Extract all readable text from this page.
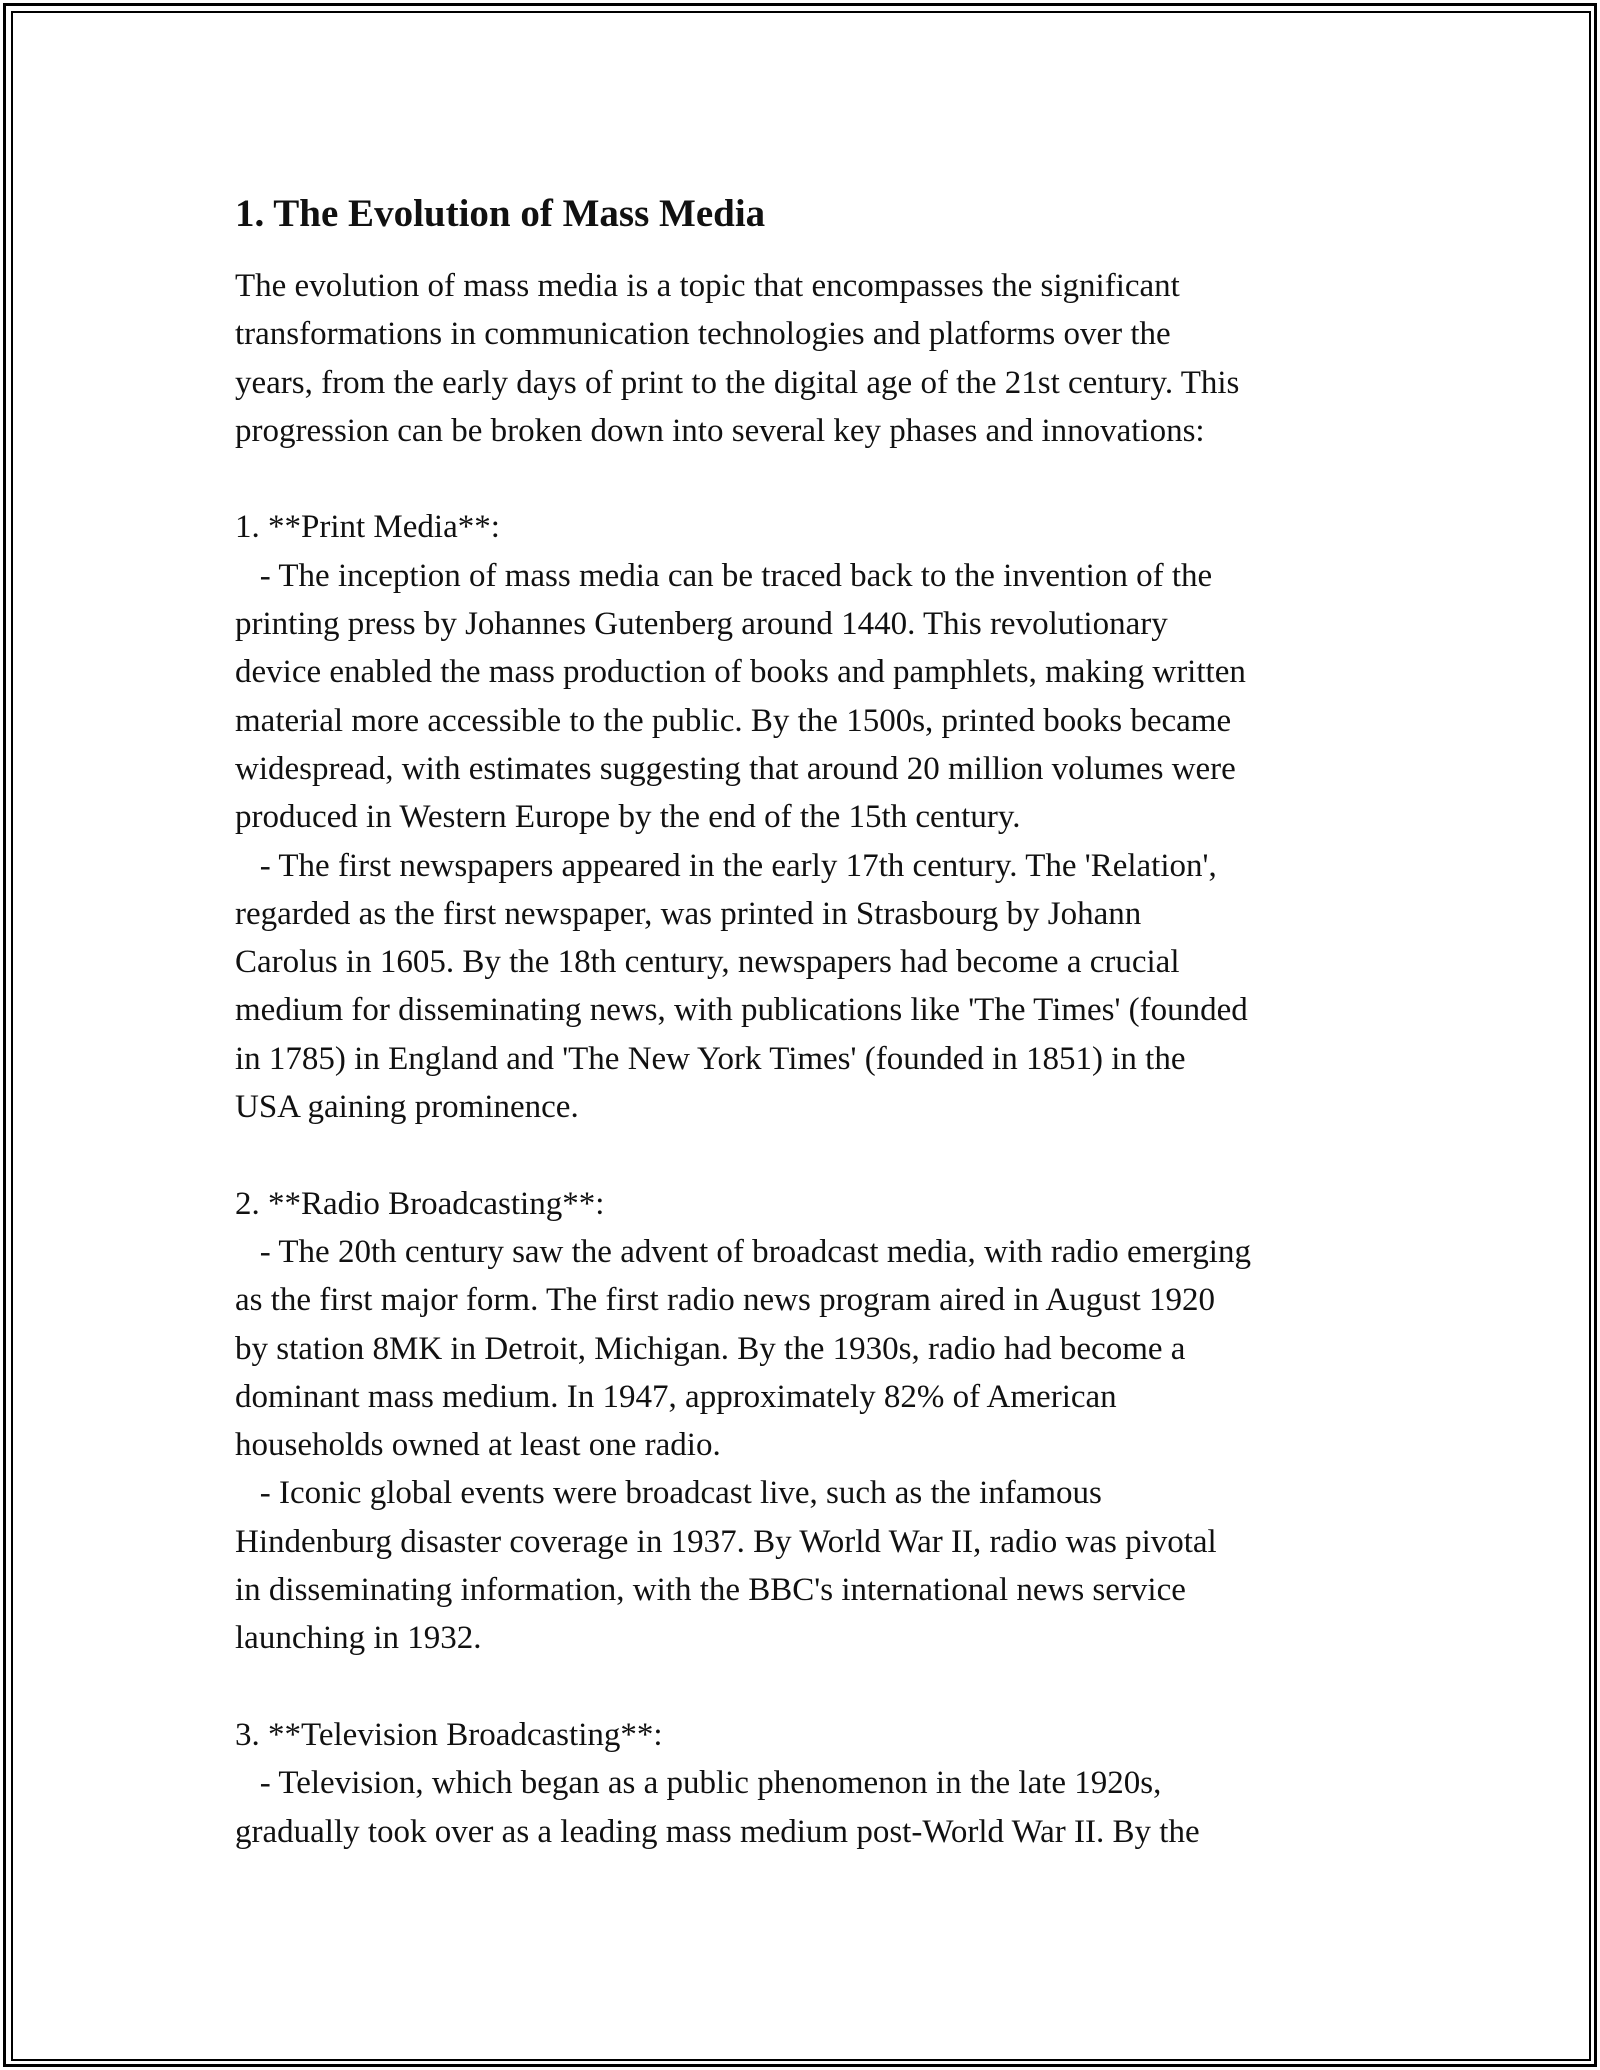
1. The Evolution of Mass Media
The evolution of mass media is a topic that encompasses the significant
transformations in communication technologies and platforms over the
years, from the early days of print to the digital age of the 21st century. This
progression can be broken down into several key phases and innovations:
1. **Print Media**:
- The inception of mass media can be traced back to the invention of the
printing press by Johannes Gutenberg around 1440. This revolutionary
device enabled the mass production of books and pamphlets, making written
material more accessible to the public. By the 1500s, printed books became
widespread, with estimates suggesting that around 20 million volumes were
produced in Western Europe by the end of the 15th century.
- The first newspapers appeared in the early 17th century. The 'Relation',
regarded as the first newspaper, was printed in Strasbourg by Johann
Carolus in 1605. By the 18th century, newspapers had become a crucial
medium for disseminating news, with publications like 'The Times' (founded
in 1785) in England and 'The New York Times' (founded in 1851) in the
USA gaining prominence.
2. **Radio Broadcasting**:
- The 20th century saw the advent of broadcast media, with radio emerging
as the first major form. The first radio news program aired in August 1920
by station 8MK in Detroit, Michigan. By the 1930s, radio had become a
dominant mass medium. In 1947, approximately 82% of American
households owned at least one radio.
- Iconic global events were broadcast live, such as the infamous
Hindenburg disaster coverage in 1937. By World War II, radio was pivotal
in disseminating information, with the BBC's international news service
launching in 1932.
3. **Television Broadcasting**:
- Television, which began as a public phenomenon in the late 1920s,
gradually took over as a leading mass medium post-World War II. By the
